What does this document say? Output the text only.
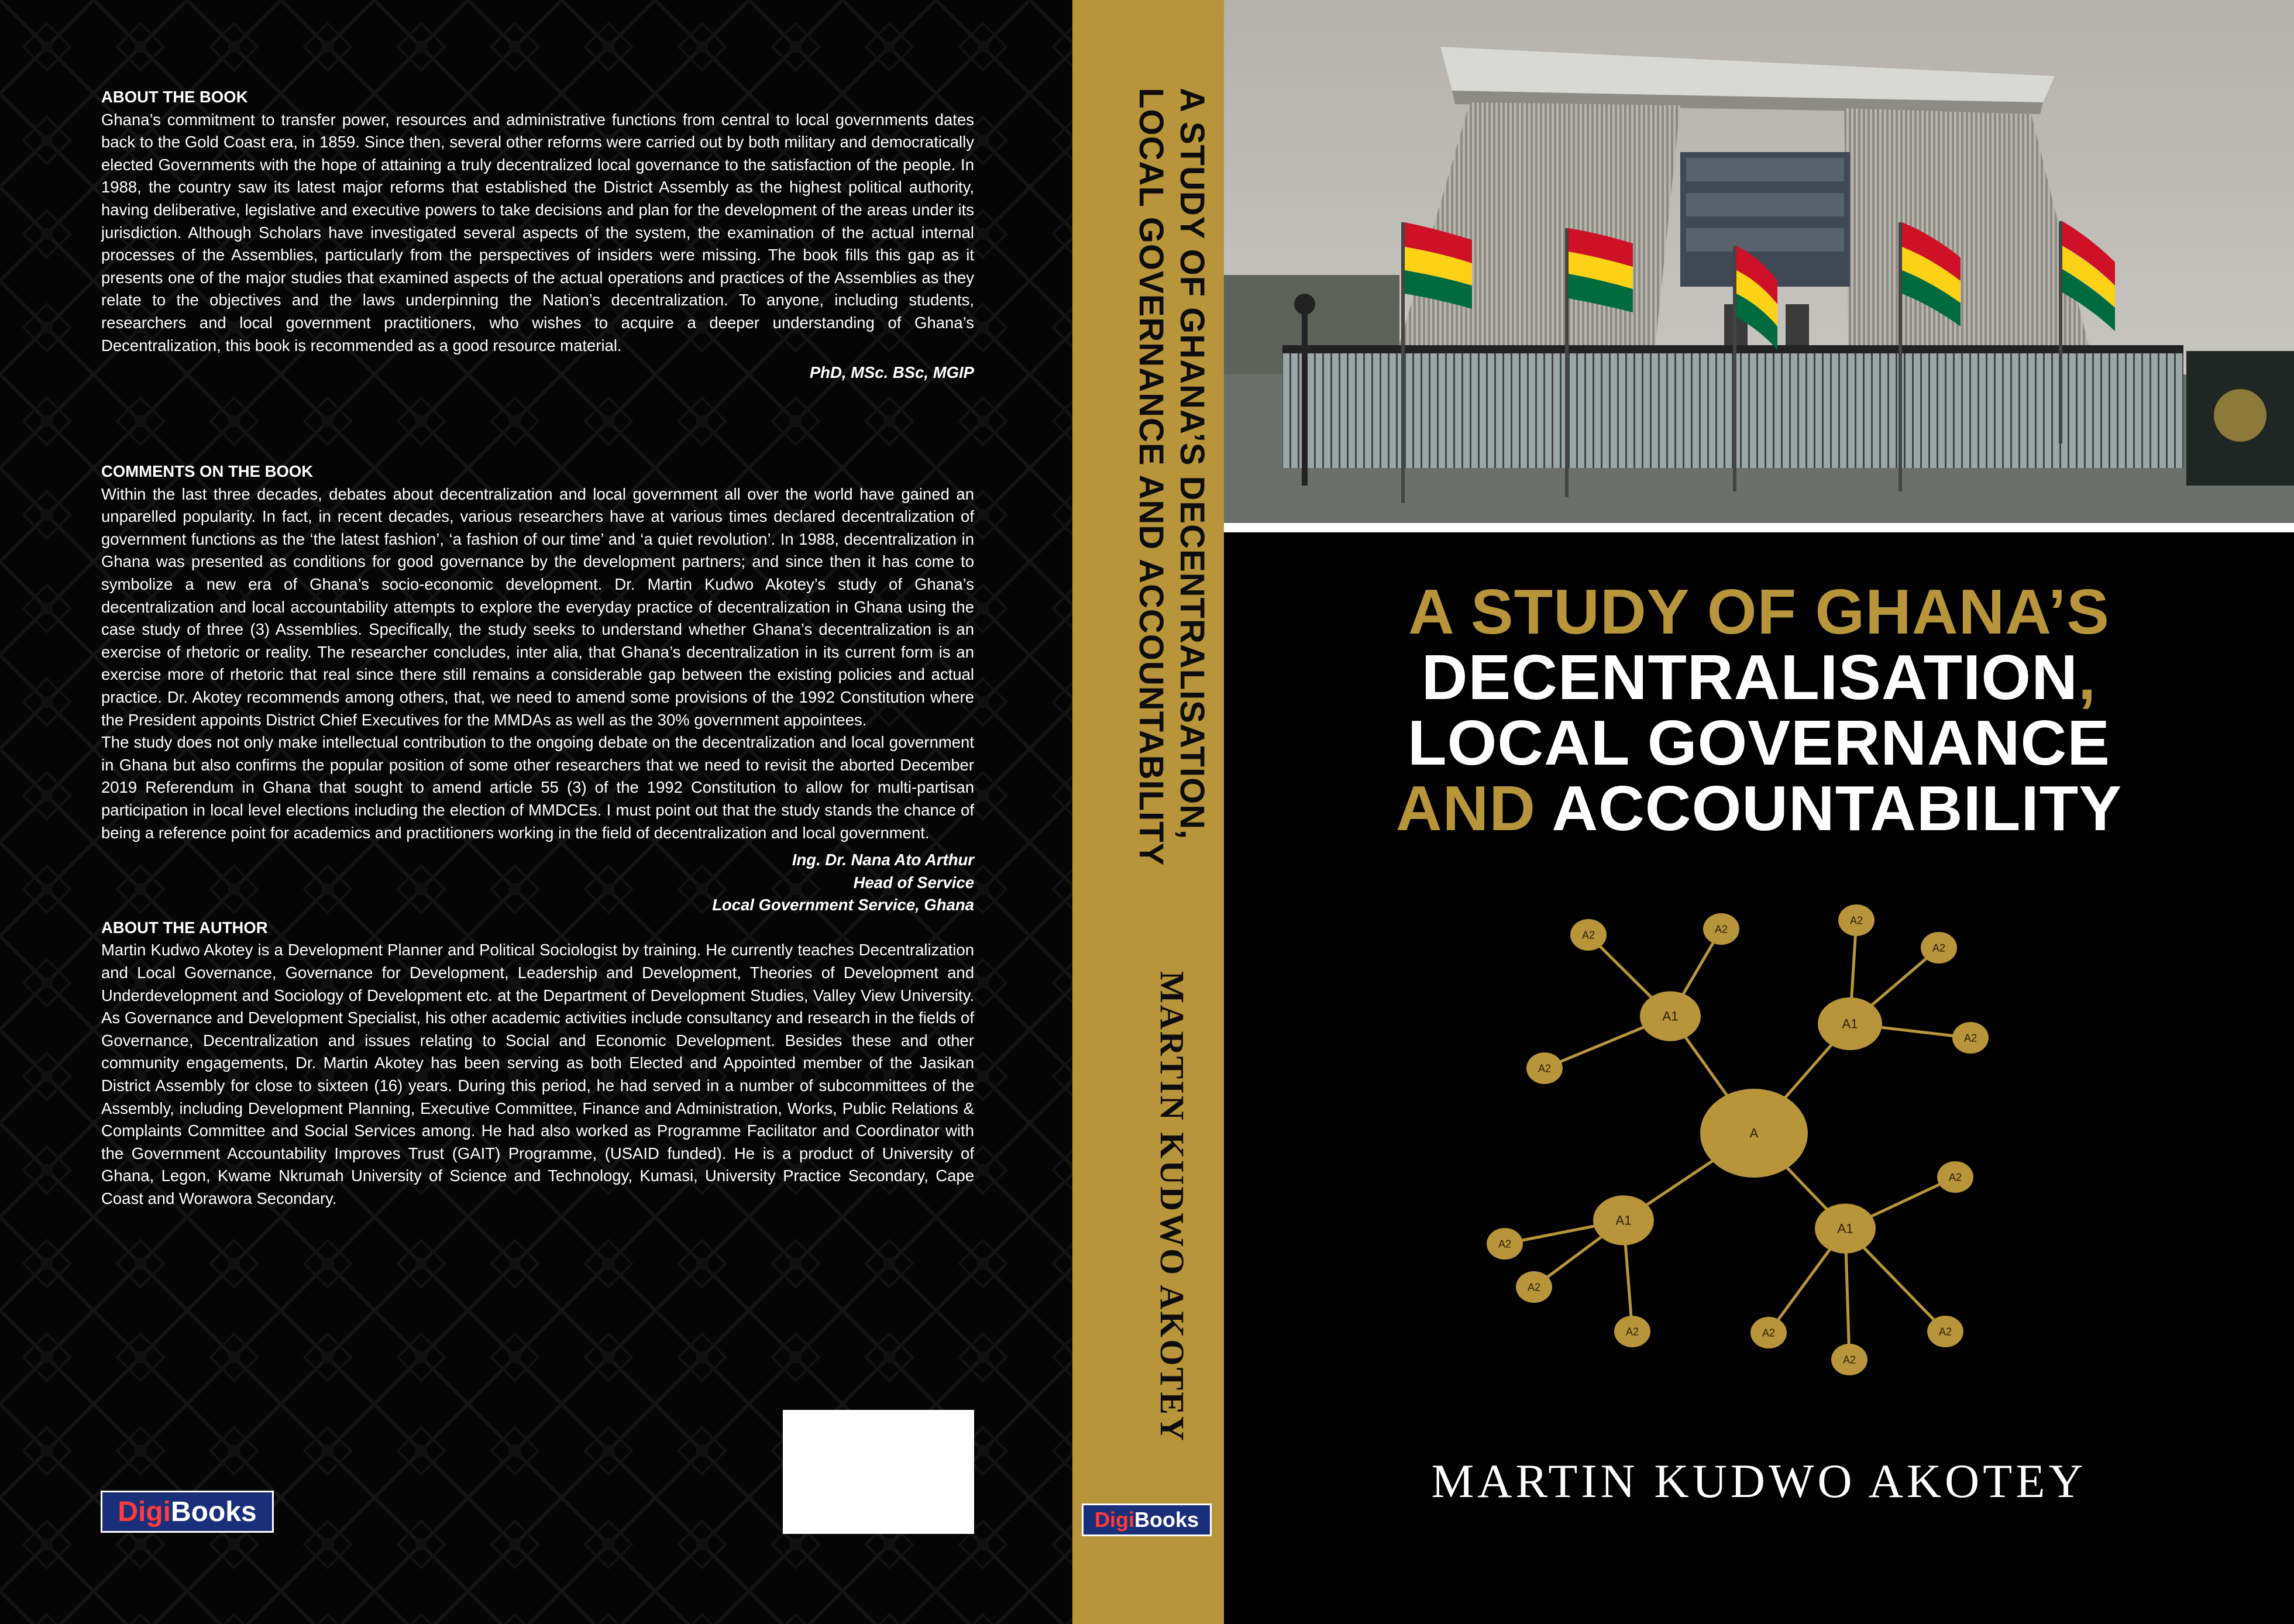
ABOUT THE BOOK

Ghana’s commitment to transfer power, resources and administrative functions from central to local governments dates back to the Gold Coast era, in 1859. Since then, several other reforms were carried out by both military and democratically elected Governments with the hope of attaining a truly decentralized local governance to the satisfaction of the people. In 1988, the country saw its latest major reforms that established the District Assembly as the highest political authority, having deliberative, legislative and executive powers to take decisions and plan for the development of the areas under its jurisdiction. Although Scholars have investigated several aspects of the system, the examination of the actual internal processes of the Assemblies, particularly from the perspectives of insiders were missing. The book fills this gap as it presents one of the major studies that examined aspects of the actual operations and practices of the Assemblies as they relate to the objectives and the laws underpinning the Nation’s decentralization. To anyone, including students, researchers and local government practitioners, who wishes to acquire a deeper understanding of Ghana’s Decentralization, this book is recommended as a good resource material.

PhD, MSc. BSc, MGIP

COMMENTS ON THE BOOK

Within the last three decades, debates about decentralization and local government all over the world have gained an unparelled popularity. In fact, in recent decades, various researchers have at various times declared decentralization of government functions as the ‘the latest fashion’, ‘a fashion of our time’ and ‘a quiet revolution’. In 1988, decentralization in Ghana was presented as conditions for good governance by the development partners; and since then it has come to symbolize a new era of Ghana’s socio-economic development. Dr. Martin Kudwo Akotey’s study of Ghana’s decentralization and local accountability attempts to explore the everyday practice of decentralization in Ghana using the case study of three (3) Assemblies. Specifically, the study seeks to understand whether Ghana’s decentralization is an exercise of rhetoric or reality. The researcher concludes, inter alia, that Ghana’s decentralization in its current form is an exercise more of rhetoric that real since there still remains a considerable gap between the existing policies and actual practice. Dr. Akotey recommends among others, that, we need to amend some provisions of the 1992 Constitution where the President appoints District Chief Executives for the MMDAs as well as the 30% government appointees.

The study does not only make intellectual contribution to the ongoing debate on the decentralization and local government in Ghana but also confirms the popular position of some other researchers that we need to revisit the aborted December 2019 Referendum in Ghana that sought to amend article 55 (3) of the 1992 Constitution to allow for multi-partisan participation in local level elections including the election of MMDCEs. I must point out that the study stands the chance of being a reference point for academics and practitioners working in the field of decentralization and local government.

Ing. Dr. Nana Ato Arthur

Head of Service

Local Government Service, Ghana

ABOUT THE AUTHOR

Martin Kudwo Akotey is a Development Planner and Political Sociologist by training. He currently teaches Decentralization and Local Governance, Governance for Development, Leadership and Development, Theories of Development and Underdevelopment and Sociology of Development etc. at the Department of Development Studies, Valley View University. As Governance and Development Specialist, his other academic activities include consultancy and research in the fields of Governance, Decentralization and issues relating to Social and Economic Development. Besides these and other community engagements, Dr. Martin Akotey has been serving as both Elected and Appointed member of the Jasikan District Assembly for close to sixteen (16) years. During this period, he had served in a number of subcommittees of the Assembly, including Development Planning, Executive Committee, Finance and Administration, Works, Public Relations & Complaints Committee and Social Services among. He had also worked as Programme Facilitator and Coordinator with the Government Accountability Improves Trust (GAIT) Programme, (USAID funded). He is a product of University of Ghana, Legon, Kwame Nkrumah University of Science and Technology, Kumasi, University Practice Secondary, Cape Coast and Worawora Secondary.

Digi Books
A STUDY OF GHANA’S DECENTRALISATION,
LOCAL GOVERNANCE AND ACCOUNTABILITY
MARTIN KUDWO AKOTEY
Digi Books
A STUDY OF GHANA’S
DECENTRALISATION,
LOCAL GOVERNANCE
AND ACCOUNTABILITY
A
A1
A2	A2
A2
A1
A2
A2
A2
A1
A2
A2
A2
A1
A2
A2
A2
A2
MARTIN KUDWO AKOTEY
